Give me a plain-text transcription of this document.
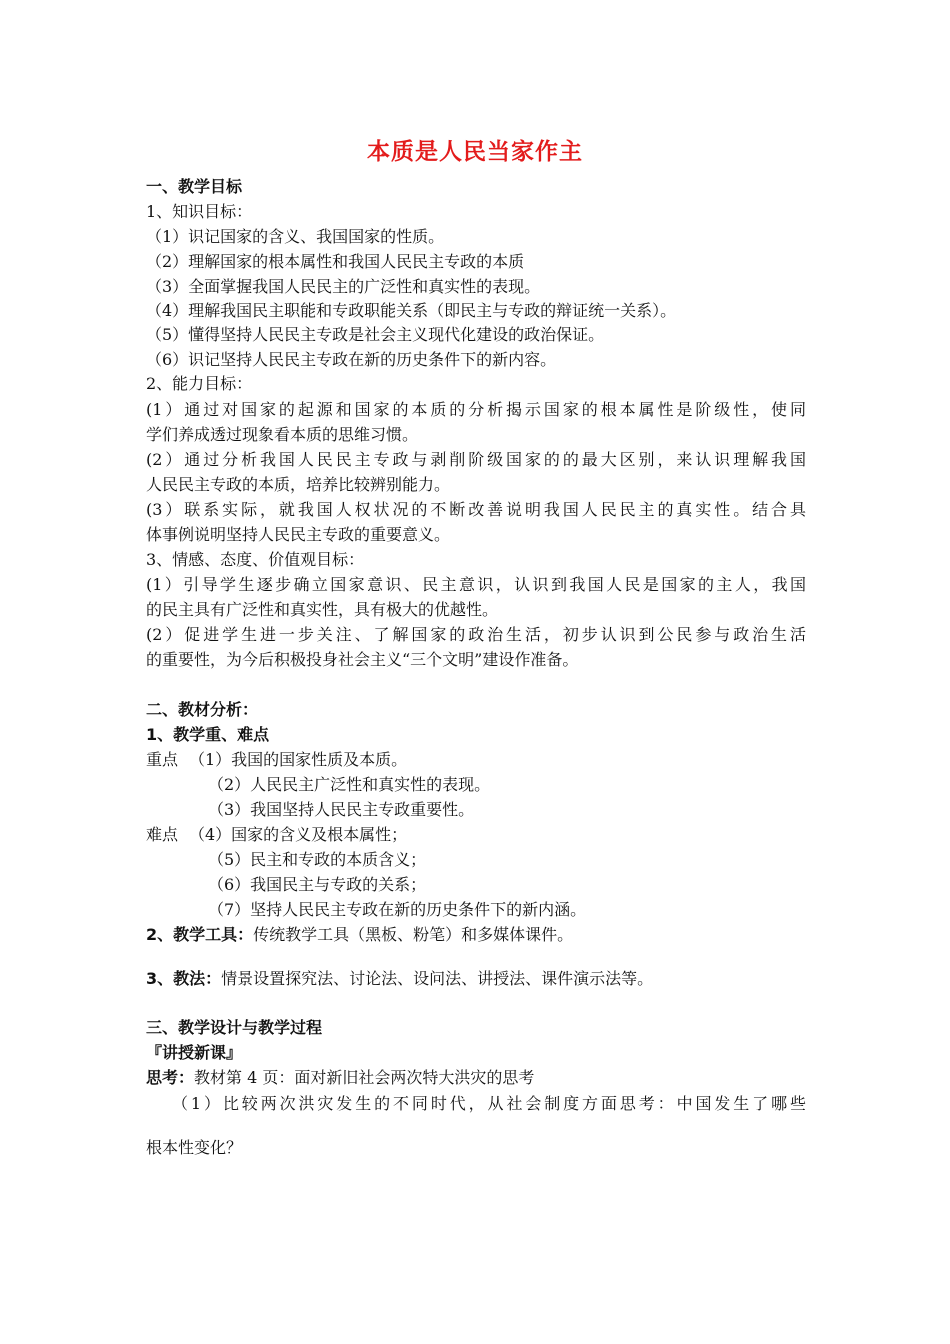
本质是人民当家作主
一、教学目标
1、知识目标：
（1）识记国家的含义、我国国家的性质。
（2）理解国家的根本属性和我国人民民主专政的本质
（3）全面掌握我国人民民主的广泛性和真实性的表现。
（4）理解我国民主职能和专政职能关系（即民主与专政的辩证统一关系）。
（5）懂得坚持人民民主专政是社会主义现代化建设的政治保证。
（6）识记坚持人民民主专政在新的历史条件下的新内容。
2、能力目标：
(1）通过对国家的起源和国家的本质的分析揭示国家的根本属性是阶级性，使同
学们养成透过现象看本质的思维习惯。
(2）通过分析我国人民民主专政与剥削阶级国家的的最大区别，来认识理解我国
人民民主专政的本质，培养比较辨别能力。
(3）联系实际，就我国人权状况的不断改善说明我国人民民主的真实性。结合具
体事例说明坚持人民民主专政的重要意义。
3、情感、态度、价值观目标：
(1）引导学生逐步确立国家意识、民主意识，认识到我国人民是国家的主人，我国
的民主具有广泛性和真实性，具有极大的优越性。
(2）促进学生进一步关注、了解国家的政治生活，初步认识到公民参与政治生活
的重要性，为今后积极投身社会主义“三个文明”建设作准备。
二、教材分析：
1、教学重、难点
重点 （1）我国的国家性质及本质。
（2）人民民主广泛性和真实性的表现。
（3）我国坚持人民民主专政重要性。
难点 （4）国家的含义及根本属性；
（5）民主和专政的本质含义；
（6）我国民主与专政的关系；
（7）坚持人民民主专政在新的历史条件下的新内涵。
2、教学工具：传统教学工具（黑板、粉笔）和多媒体课件。
3、教法：情景设置探究法、讨论法、设问法、讲授法、课件演示法等。
三、教学设计与教学过程
『讲授新课』
思考：教材第 4 页：面对新旧社会两次特大洪灾的思考
（1）比较两次洪灾发生的不同时代，从社会制度方面思考：中国发生了哪些
根本性变化？
